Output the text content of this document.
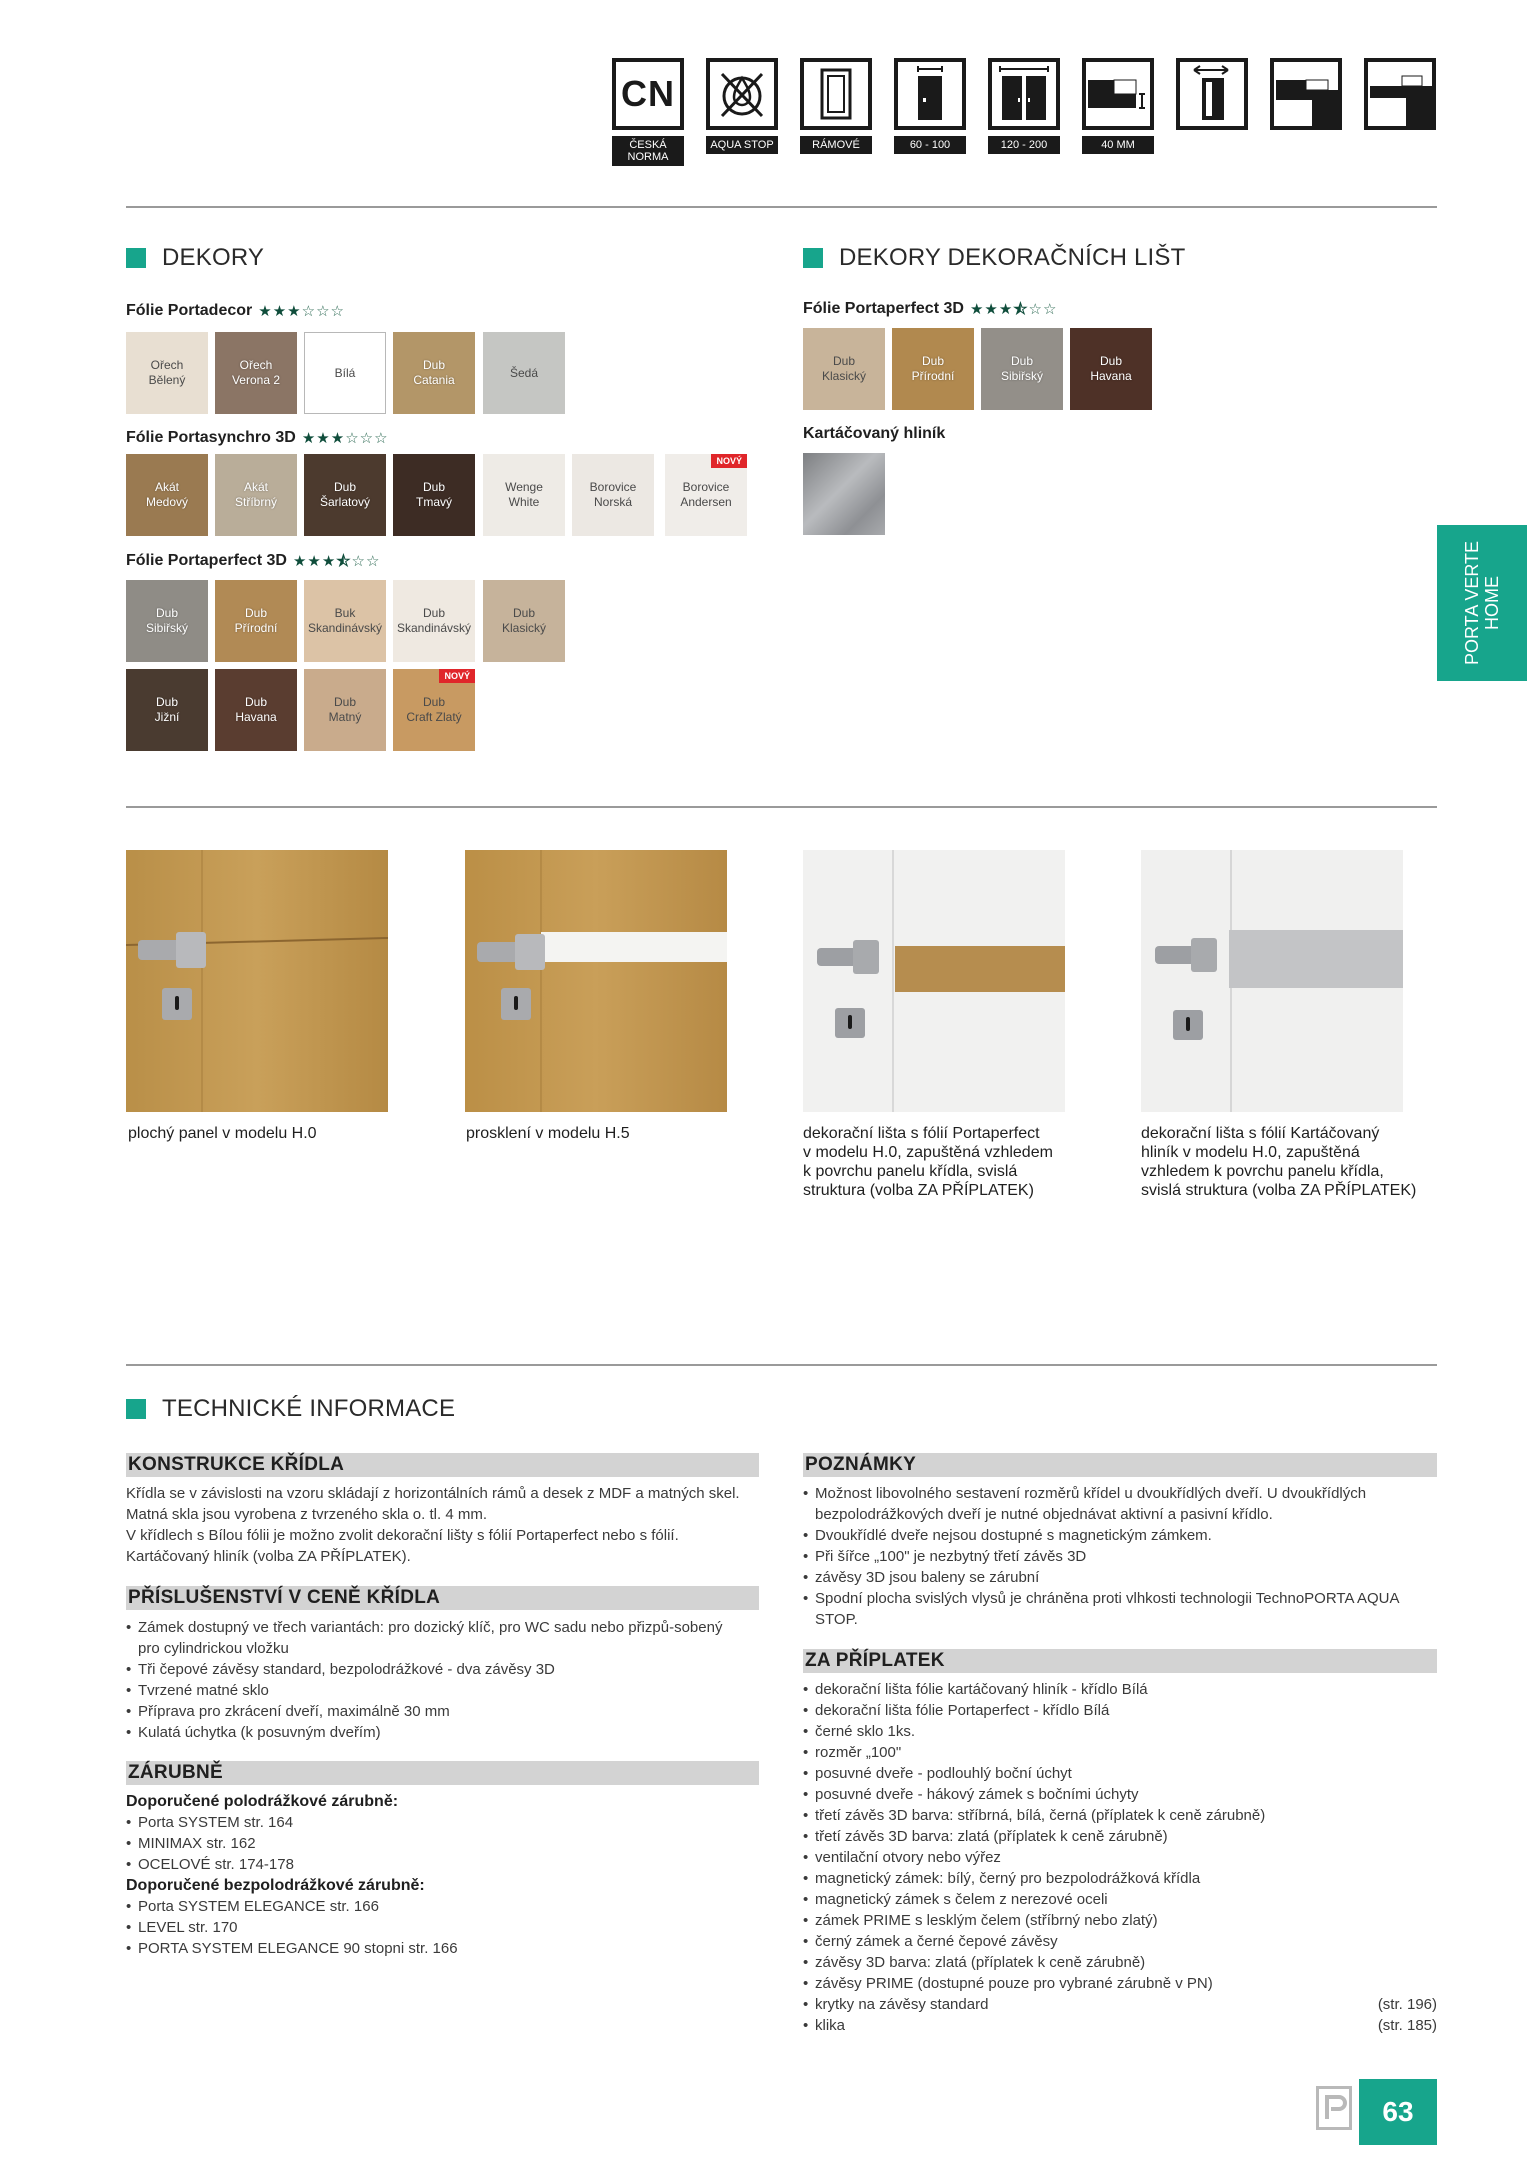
CN
ČESKÁ NORMA
AQUA STOP	RÁMOVÉ	60 - 100	120 - 200	40 MM
DEKORY
Fólie Portadecor ★ ★ ★ ☆ ☆ ☆
Ořech
Bělený
Ořech
Verona 2
Bílá
Dub
Catania
Šedá
Fólie Portasynchro 3D ★ ★ ★ ☆ ☆ ☆
Akát
Medový
Akát
Stříbrný
Dub
Šarlatový
Dub
Tmavý
Wenge
White
Borovice
Norská
Borovice
Andersen
NOVÝ
Fólie Portaperfect 3D ★ ★ ★ ⯪ ☆ ☆
Dub
Sibiřský
Dub
Přírodní
Buk
Skandinávský
Dub
Skandinávský
Dub
Klasický
Dub
Jižní
Dub
Havana
Dub
Matný
Dub
Craft Zlatý
NOVÝ
DEKORY DEKORAČNÍCH LIŠT
Fólie Portaperfect 3D ★ ★ ★ ⯪ ☆ ☆
Dub
Klasický
Dub
Přírodní
Dub
Sibiřský
Dub
Havana
Kartáčovaný hliník
PORTA VERTE HOME
plochý panel v modelu H.0	prosklení v modelu H.5	dekorační lišta s fólií Portaperfect
v modelu H.0, zapuštěná vzhledem
k povrchu panelu křídla, svislá
struktura (volba ZA PŘÍPLATEK)
dekorační lišta s fólií Kartáčovaný
hliník v modelu H.0, zapuštěná
vzhledem k povrchu panelu křídla,
svislá struktura (volba ZA PŘÍPLATEK)
TECHNICKÉ INFORMACE
KONSTRUKCE KŘÍDLA
Křídla se v závislosti na vzoru skládají z horizontálních rámů a desek z MDF a matných skel. Matná skla jsou vyrobena z tvrzeného skla o. tl. 4 mm.
V křídlech s Bílou fólii je možno zvolit dekorační lišty s fólií Portaperfect nebo s fólií. Kartáčovaný hliník (volba ZA PŘÍPLATEK).
PŘÍSLUŠENSTVÍ V CENĚ KŘÍDLA
• Zámek dostupný ve třech variantách: pro dozický klíč, pro WC sadu nebo přizpů-sobený pro cylindrickou vložku
• Tři čepové závěsy standard, bezpolodrážkové - dva závěsy 3D
• Tvrzené matné sklo
• Příprava pro zkrácení dveří, maximálně 30 mm
• Kulatá úchytka (k posuvným dveřím)
ZÁRUBNĚ
Doporučené polodrážkové zárubně:
• Porta SYSTEM str. 164
• MINIMAX str. 162
• OCELOVÉ str. 174-178
Doporučené bezpolodrážkové zárubně:
• Porta SYSTEM ELEGANCE str. 166
• LEVEL str. 170
• PORTA SYSTEM ELEGANCE 90 stopni str. 166
POZNÁMKY
• Možnost libovolného sestavení rozměrů křídel u dvoukřídlých dveří. U dvoukřídlých bezpolodrážkových dveří je nutné objednávat aktivní a pasivní křídlo.
• Dvoukřídlé dveře nejsou dostupné s magnetickým zámkem.
• Při šířce „100" je nezbytný třetí závěs 3D
• závěsy 3D jsou baleny se zárubní
• Spodní plocha svislých vlysů je chráněna proti vlhkosti technologii TechnoPORTA AQUA STOP.
ZA PŘÍPLATEK
• dekorační lišta fólie kartáčovaný hliník - křídlo Bílá
• dekorační lišta fólie Portaperfect - křídlo Bílá
• černé sklo 1ks.
• rozměr „100"
• posuvné dveře - podlouhlý boční úchyt
• posuvné dveře - hákový zámek s bočními úchyty
• třetí závěs 3D barva: stříbrná, bílá, černá (příplatek k ceně zárubně)
• třetí závěs 3D barva: zlatá (příplatek k ceně zárubně)
• ventilační otvory nebo výřez
• magnetický zámek: bílý, černý pro bezpolodrážková křídla
• magnetický zámek s čelem z nerezové oceli
• zámek PRIME s lesklým čelem (stříbrný nebo zlatý)
• černý zámek a černé čepové závěsy
• závěsy 3D barva: zlatá (příplatek k ceně zárubně)
• závěsy PRIME (dostupné pouze pro vybrané zárubně v PN)
• krytky na závěsy standard	(str. 196)
• klika	(str. 185)
63
